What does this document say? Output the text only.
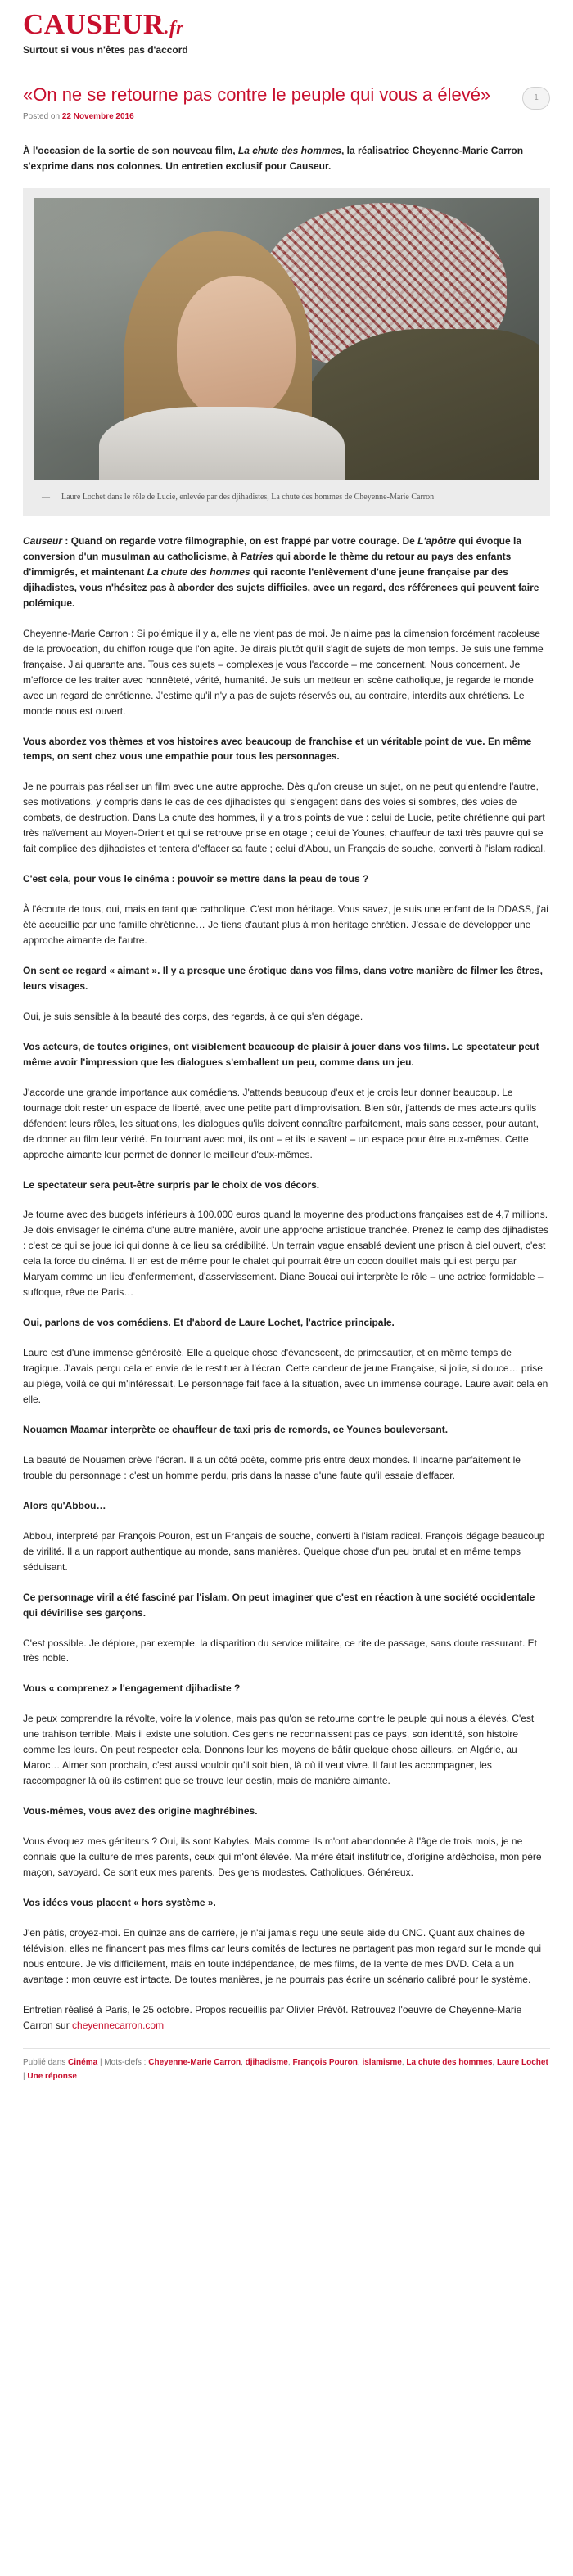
CAUSEUR.fr
Surtout si vous n'êtes pas d'accord
«On ne se retourne pas contre le peuple qui vous a élevé»	1
Posted on 22 Novembre 2016

À l'occasion de la sortie de son nouveau film, La chute des hommes, la réalisatrice Cheyenne-Marie Carron s'exprime dans nos colonnes. Un entretien exclusif pour Causeur.

— Laure Lochet dans le rôle de Lucie, enlevée par des djihadistes, La chute des hommes de Cheyenne-Marie Carron

Causeur : Quand on regarde votre filmographie, on est frappé par votre courage. De L'apôtre qui évoque la conversion d'un musulman au catholicisme, à Patries qui aborde le thème du retour au pays des enfants d'immigrés, et maintenant La chute des hommes qui raconte l'enlèvement d'une jeune française par des djihadistes, vous n'hésitez pas à aborder des sujets difficiles, avec un regard, des références qui peuvent faire polémique.

Cheyenne-Marie Carron : Si polémique il y a, elle ne vient pas de moi. Je n'aime pas la dimension forcément racoleuse de la provocation, du chiffon rouge que l'on agite. Je dirais plutôt qu'il s'agit de sujets de mon temps. Je suis une femme française. J'ai quarante ans. Tous ces sujets – complexes je vous l'accorde – me concernent. Nous concernent. Je m'efforce de les traiter avec honnêteté, vérité, humanité. Je suis un metteur en scène catholique, je regarde le monde avec un regard de chrétienne. J'estime qu'il n'y a pas de sujets réservés ou, au contraire, interdits aux chrétiens. Le monde nous est ouvert.

Vous abordez vos thèmes et vos histoires avec beaucoup de franchise et un véritable point de vue. En même temps, on sent chez vous une empathie pour tous les personnages.

Je ne pourrais pas réaliser un film avec une autre approche. Dès qu'on creuse un sujet, on ne peut qu'entendre l'autre, ses motivations, y compris dans le cas de ces djihadistes qui s'engagent dans des voies si sombres, des voies de combats, de destruction. Dans La chute des hommes, il y a trois points de vue : celui de Lucie, petite chrétienne qui part très naïvement au Moyen-Orient et qui se retrouve prise en otage ; celui de Younes, chauffeur de taxi très pauvre qui se fait complice des djihadistes et tentera d'effacer sa faute ; celui d'Abou, un Français de souche, converti à l'islam radical.

C'est cela, pour vous le cinéma : pouvoir se mettre dans la peau de tous ?

À l'écoute de tous, oui, mais en tant que catholique. C'est mon héritage. Vous savez, je suis une enfant de la DDASS, j'ai été accueillie par une famille chrétienne… Je tiens d'autant plus à mon héritage chrétien. J'essaie de développer une approche aimante de l'autre.

On sent ce regard « aimant ». Il y a presque une érotique dans vos films, dans votre manière de filmer les êtres, leurs visages.

Oui, je suis sensible à la beauté des corps, des regards, à ce qui s'en dégage.

Vos acteurs, de toutes origines, ont visiblement beaucoup de plaisir à jouer dans vos films. Le spectateur peut même avoir l'impression que les dialogues s'emballent un peu, comme dans un jeu.

J'accorde une grande importance aux comédiens. J'attends beaucoup d'eux et je crois leur donner beaucoup. Le tournage doit rester un espace de liberté, avec une petite part d'improvisation. Bien sûr, j'attends de mes acteurs qu'ils défendent leurs rôles, les situations, les dialogues qu'ils doivent connaître parfaitement, mais sans cesser, pour autant, de donner au film leur vérité. En tournant avec moi, ils ont – et ils le savent – un espace pour être eux-mêmes. Cette approche aimante leur permet de donner le meilleur d'eux-mêmes.

Le spectateur sera peut-être surpris par le choix de vos décors.

Je tourne avec des budgets inférieurs à 100.000 euros quand la moyenne des productions françaises est de 4,7 millions. Je dois envisager le cinéma d'une autre manière, avoir une approche artistique tranchée. Prenez le camp des djihadistes : c'est ce qui se joue ici qui donne à ce lieu sa crédibilité. Un terrain vague ensablé devient une prison à ciel ouvert, c'est cela la force du cinéma. Il en est de même pour le chalet qui pourrait être un cocon douillet mais qui est perçu par Maryam comme un lieu d'enfermement, d'asservissement. Diane Boucai qui interprète le rôle – une actrice formidable – suffoque, rêve de Paris…

Oui, parlons de vos comédiens. Et d'abord de Laure Lochet, l'actrice principale.

Laure est d'une immense générosité. Elle a quelque chose d'évanescent, de primesautier, et en même temps de tragique. J'avais perçu cela et envie de le restituer à l'écran. Cette candeur de jeune Française, si jolie, si douce… prise au piège, voilà ce qui m'intéressait. Le personnage fait face à la situation, avec un immense courage. Laure avait cela en elle.

Nouamen Maamar interprète ce chauffeur de taxi pris de remords, ce Younes bouleversant.

La beauté de Nouamen crève l'écran. Il a un côté poète, comme pris entre deux mondes. Il incarne parfaitement le trouble du personnage : c'est un homme perdu, pris dans la nasse d'une faute qu'il essaie d'effacer.

Alors qu'Abbou…

Abbou, interprété par François Pouron, est un Français de souche, converti à l'islam radical. François dégage beaucoup de virilité. Il a un rapport authentique au monde, sans manières. Quelque chose d'un peu brutal et en même temps séduisant.

Ce personnage viril a été fasciné par l'islam. On peut imaginer que c'est en réaction à une société occidentale qui dévirilise ses garçons.

C'est possible. Je déplore, par exemple, la disparition du service militaire, ce rite de passage, sans doute rassurant. Et très noble.

Vous « comprenez » l'engagement djihadiste ?

Je peux comprendre la révolte, voire la violence, mais pas qu'on se retourne contre le peuple qui nous a élevés. C'est une trahison terrible. Mais il existe une solution. Ces gens ne reconnaissent pas ce pays, son identité, son histoire comme les leurs. On peut respecter cela. Donnons leur les moyens de bâtir quelque chose ailleurs, en Algérie, au Maroc… Aimer son prochain, c'est aussi vouloir qu'il soit bien, là où il veut vivre. Il faut les accompagner, les raccompagner là où ils estiment que se trouve leur destin, mais de manière aimante.

Vous-mêmes, vous avez des origine maghrébines.

Vous évoquez mes géniteurs ? Oui, ils sont Kabyles. Mais comme ils m'ont abandonnée à l'âge de trois mois, je ne connais que la culture de mes parents, ceux qui m'ont élevée. Ma mère était institutrice, d'origine ardéchoise, mon père maçon, savoyard. Ce sont eux mes parents. Des gens modestes. Catholiques. Généreux.

Vos idées vous placent « hors système ».

J'en pâtis, croyez-moi. En quinze ans de carrière, je n'ai jamais reçu une seule aide du CNC. Quant aux chaînes de télévision, elles ne financent pas mes films car leurs comités de lectures ne partagent pas mon regard sur le monde qui nous entoure. Je vis difficilement, mais en toute indépendance, de mes films, de la vente de mes DVD. Cela a un avantage : mon œuvre est intacte. De toutes manières, je ne pourrais pas écrire un scénario calibré pour le système.

Entretien réalisé à Paris, le 25 octobre. Propos recueillis par Olivier Prévôt. Retrouvez l'oeuvre de Cheyenne-Marie Carron sur cheyennecarron.com

Publié dans Cinéma | Mots-clefs : Cheyenne-Marie Carron, djihadisme, François Pouron, islamisme, La chute des hommes, Laure Lochet | Une réponse
